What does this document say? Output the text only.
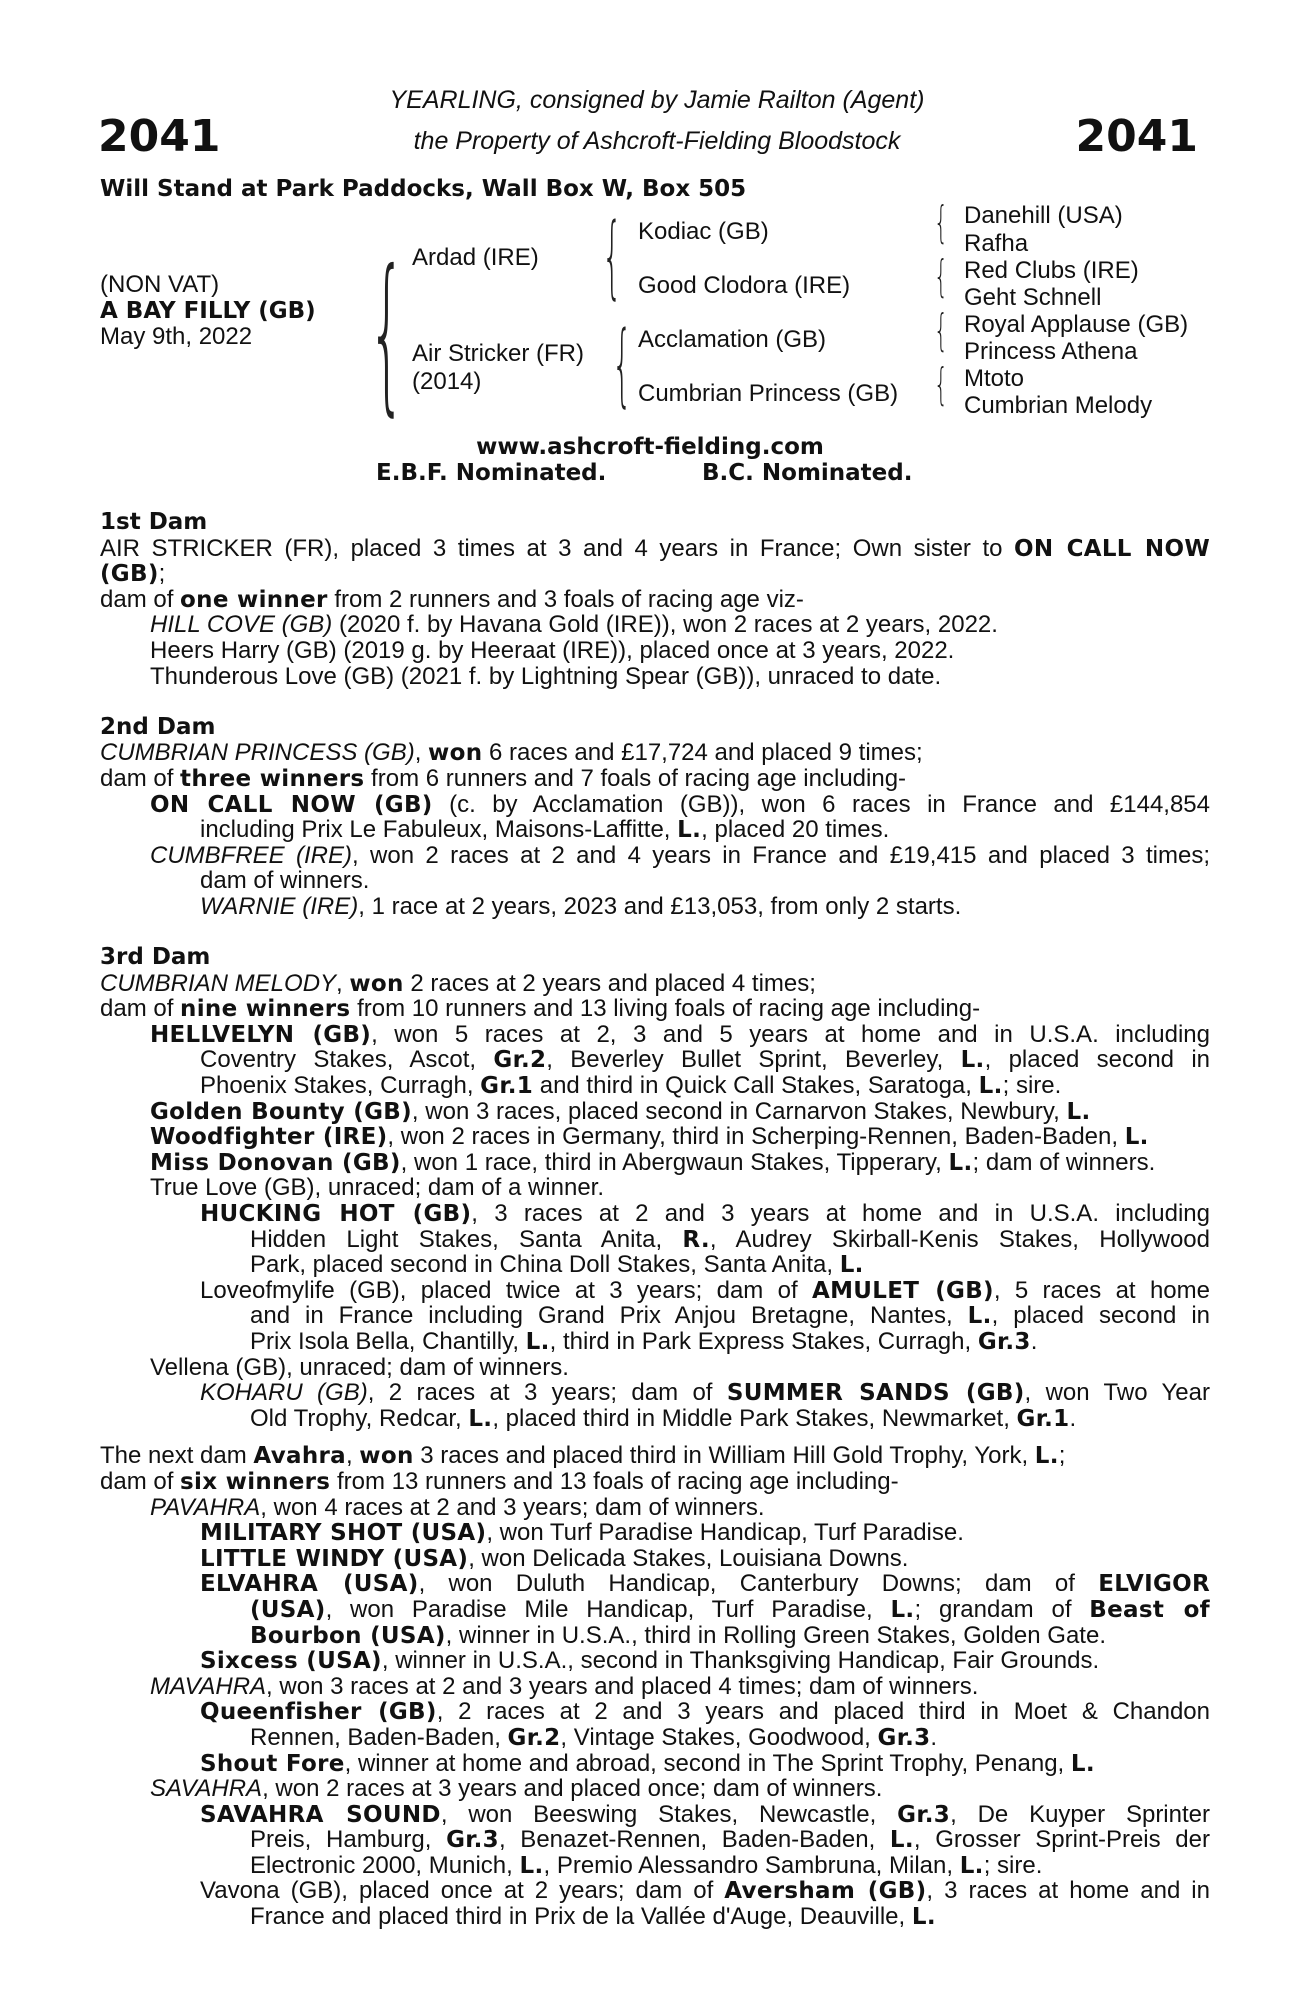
2041	2041
YEARLING, consigned by Jamie Railton (Agent)
the Property of Ashcroft-Fielding Bloodstock
Will Stand at Park Paddocks, Wall Box W, Box 505
(NON VAT)
A BAY FILLY (GB)
May 9th, 2022 { {
{
{
{
{
{
Ardad (IRE)
Air Stricker (FR)
(2014)
Kodiac (GB)
Good Clodora (IRE)
Acclamation (GB)
Cumbrian Princess (GB)
Danehill (USA)
Rafha
Red Clubs (IRE)
Geht Schnell
Royal Applause (GB)
Princess Athena
Mtoto
Cumbrian Melody
www.ashcroft-fielding.com
E.B.F. Nominated.	B.C. Nominated.
1st Dam
AIR STRICKER (FR), placed 3 times at 3 and 4 years in France; Own sister to ON CALL NOW
(GB);
dam of one winner from 2 runners and 3 foals of racing age viz-
HILL COVE (GB) (2020 f. by Havana Gold (IRE)), won 2 races at 2 years, 2022.
Heers Harry (GB) (2019 g. by Heeraat (IRE)), placed once at 3 years, 2022.
Thunderous Love (GB) (2021 f. by Lightning Spear (GB)), unraced to date.
2nd Dam
CUMBRIAN PRINCESS (GB), won 6 races and £17,724 and placed 9 times;
dam of three winners from 6 runners and 7 foals of racing age including-
ON CALL NOW (GB) (c. by Acclamation (GB)), won 6 races in France and £144,854
including Prix Le Fabuleux, Maisons-Laffitte, L., placed 20 times.
CUMBFREE (IRE), won 2 races at 2 and 4 years in France and £19,415 and placed 3 times;
dam of winners.
WARNIE (IRE), 1 race at 2 years, 2023 and £13,053, from only 2 starts.
3rd Dam
CUMBRIAN MELODY, won 2 races at 2 years and placed 4 times;
dam of nine winners from 10 runners and 13 living foals of racing age including-
HELLVELYN (GB), won 5 races at 2, 3 and 5 years at home and in U.S.A. including
Coventry Stakes, Ascot, Gr.2, Beverley Bullet Sprint, Beverley, L., placed second in
Phoenix Stakes, Curragh, Gr.1 and third in Quick Call Stakes, Saratoga, L.; sire.
Golden Bounty (GB), won 3 races, placed second in Carnarvon Stakes, Newbury, L.
Woodfighter (IRE), won 2 races in Germany, third in Scherping-Rennen, Baden-Baden, L.
Miss Donovan (GB), won 1 race, third in Abergwaun Stakes, Tipperary, L.; dam of winners.
True Love (GB), unraced; dam of a winner.
HUCKING HOT (GB), 3 races at 2 and 3 years at home and in U.S.A. including
Hidden Light Stakes, Santa Anita, R., Audrey Skirball-Kenis Stakes, Hollywood
Park, placed second in China Doll Stakes, Santa Anita, L.
Loveofmylife (GB), placed twice at 3 years; dam of AMULET (GB), 5 races at home
and in France including Grand Prix Anjou Bretagne, Nantes, L., placed second in
Prix Isola Bella, Chantilly, L., third in Park Express Stakes, Curragh, Gr.3.
Vellena (GB), unraced; dam of winners.
KOHARU (GB), 2 races at 3 years; dam of SUMMER SANDS (GB), won Two Year
Old Trophy, Redcar, L., placed third in Middle Park Stakes, Newmarket, Gr.1.
The next dam Avahra, won 3 races and placed third in William Hill Gold Trophy, York, L.;
dam of six winners from 13 runners and 13 foals of racing age including-
PAVAHRA, won 4 races at 2 and 3 years; dam of winners.
MILITARY SHOT (USA), won Turf Paradise Handicap, Turf Paradise.
LITTLE WINDY (USA), won Delicada Stakes, Louisiana Downs.
ELVAHRA (USA), won Duluth Handicap, Canterbury Downs; dam of ELVIGOR
(USA), won Paradise Mile Handicap, Turf Paradise, L.; grandam of Beast of
Bourbon (USA), winner in U.S.A., third in Rolling Green Stakes, Golden Gate.
Sixcess (USA), winner in U.S.A., second in Thanksgiving Handicap, Fair Grounds.
MAVAHRA, won 3 races at 2 and 3 years and placed 4 times; dam of winners.
Queenfisher (GB), 2 races at 2 and 3 years and placed third in Moet & Chandon
Rennen, Baden-Baden, Gr.2, Vintage Stakes, Goodwood, Gr.3.
Shout Fore, winner at home and abroad, second in The Sprint Trophy, Penang, L.
SAVAHRA, won 2 races at 3 years and placed once; dam of winners.
SAVAHRA SOUND, won Beeswing Stakes, Newcastle, Gr.3, De Kuyper Sprinter
Preis, Hamburg, Gr.3, Benazet-Rennen, Baden-Baden, L., Grosser Sprint-Preis der
Electronic 2000, Munich, L., Premio Alessandro Sambruna, Milan, L.; sire.
Vavona (GB), placed once at 2 years; dam of Aversham (GB), 3 races at home and in
France and placed third in Prix de la Vallée d'Auge, Deauville, L.
